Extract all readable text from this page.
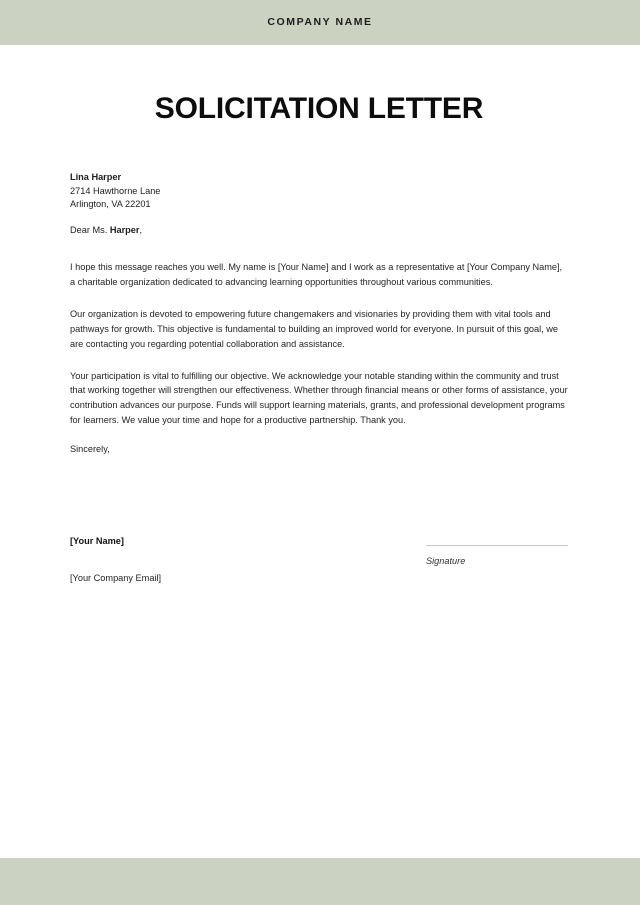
COMPANY NAME
SOLICITATION LETTER
Lina Harper
2714 Hawthorne Lane
Arlington, VA 22201
Dear Ms. Harper,

I hope this message reaches you well. My name is [Your Name] and I work as a representative at [Your Company Name], a charitable organization dedicated to advancing learning opportunities throughout various communities.

Our organization is devoted to empowering future changemakers and visionaries by providing them with vital tools and pathways for growth. This objective is fundamental to building an improved world for everyone. In pursuit of this goal, we are contacting you regarding potential collaboration and assistance.

Your participation is vital to fulfilling our objective. We acknowledge your notable standing within the community and trust that working together will strengthen our effectiveness. Whether through financial means or other forms of assistance, your contribution advances our purpose. Funds will support learning materials, grants, and professional development programs for learners. We value your time and hope for a productive partnership. Thank you.

Sincerely,

[Your Name]

[Your Company Email]

Signature
